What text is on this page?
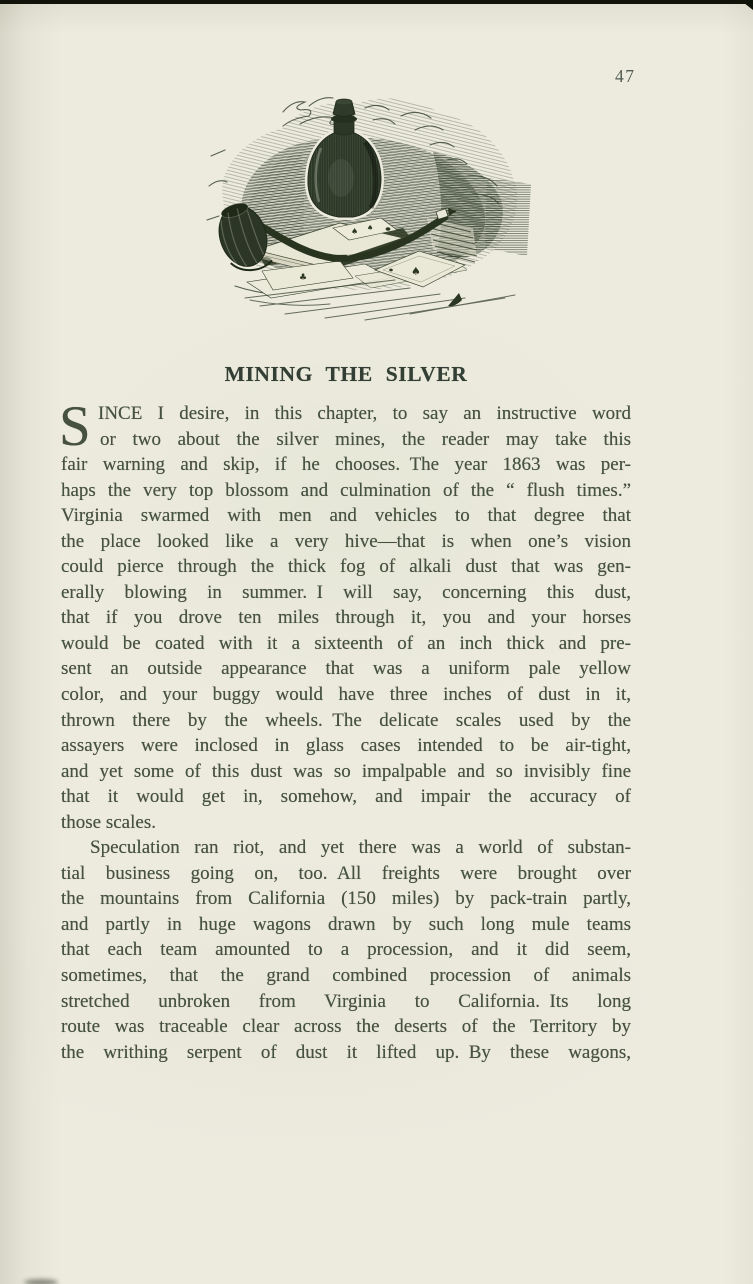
47
♠ ♠
♠
♣
MINING THE SILVER
S INCE I desire, in this chapter, to say an instructive word
or two about the silver mines, the reader may take this
fair warning and skip, if he chooses. The year 1863 was per-
haps the very top blossom and culmination of the “ flush times.”
Virginia swarmed with men and vehicles to that degree that
the place looked like a very hive—that is when one’s vision
could pierce through the thick fog of alkali dust that was gen-
erally blowing in summer. I will say, concerning this dust,
that if you drove ten miles through it, you and your horses
would be coated with it a sixteenth of an inch thick and pre-
sent an outside appearance that was a uniform pale yellow
color, and your buggy would have three inches of dust in it,
thrown there by the wheels. The delicate scales used by the
assayers were inclosed in glass cases intended to be air-tight,
and yet some of this dust was so impalpable and so invisibly fine
that it would get in, somehow, and impair the accuracy of
those scales.
Speculation ran riot, and yet there was a world of substan-
tial business going on, too. All freights were brought over
the mountains from California (150 miles) by pack-train partly,
and partly in huge wagons drawn by such long mule teams
that each team amounted to a procession, and it did seem,
sometimes, that the grand combined procession of animals
stretched unbroken from Virginia to California. Its long
route was traceable clear across the deserts of the Territory by
the writhing serpent of dust it lifted up. By these wagons,
